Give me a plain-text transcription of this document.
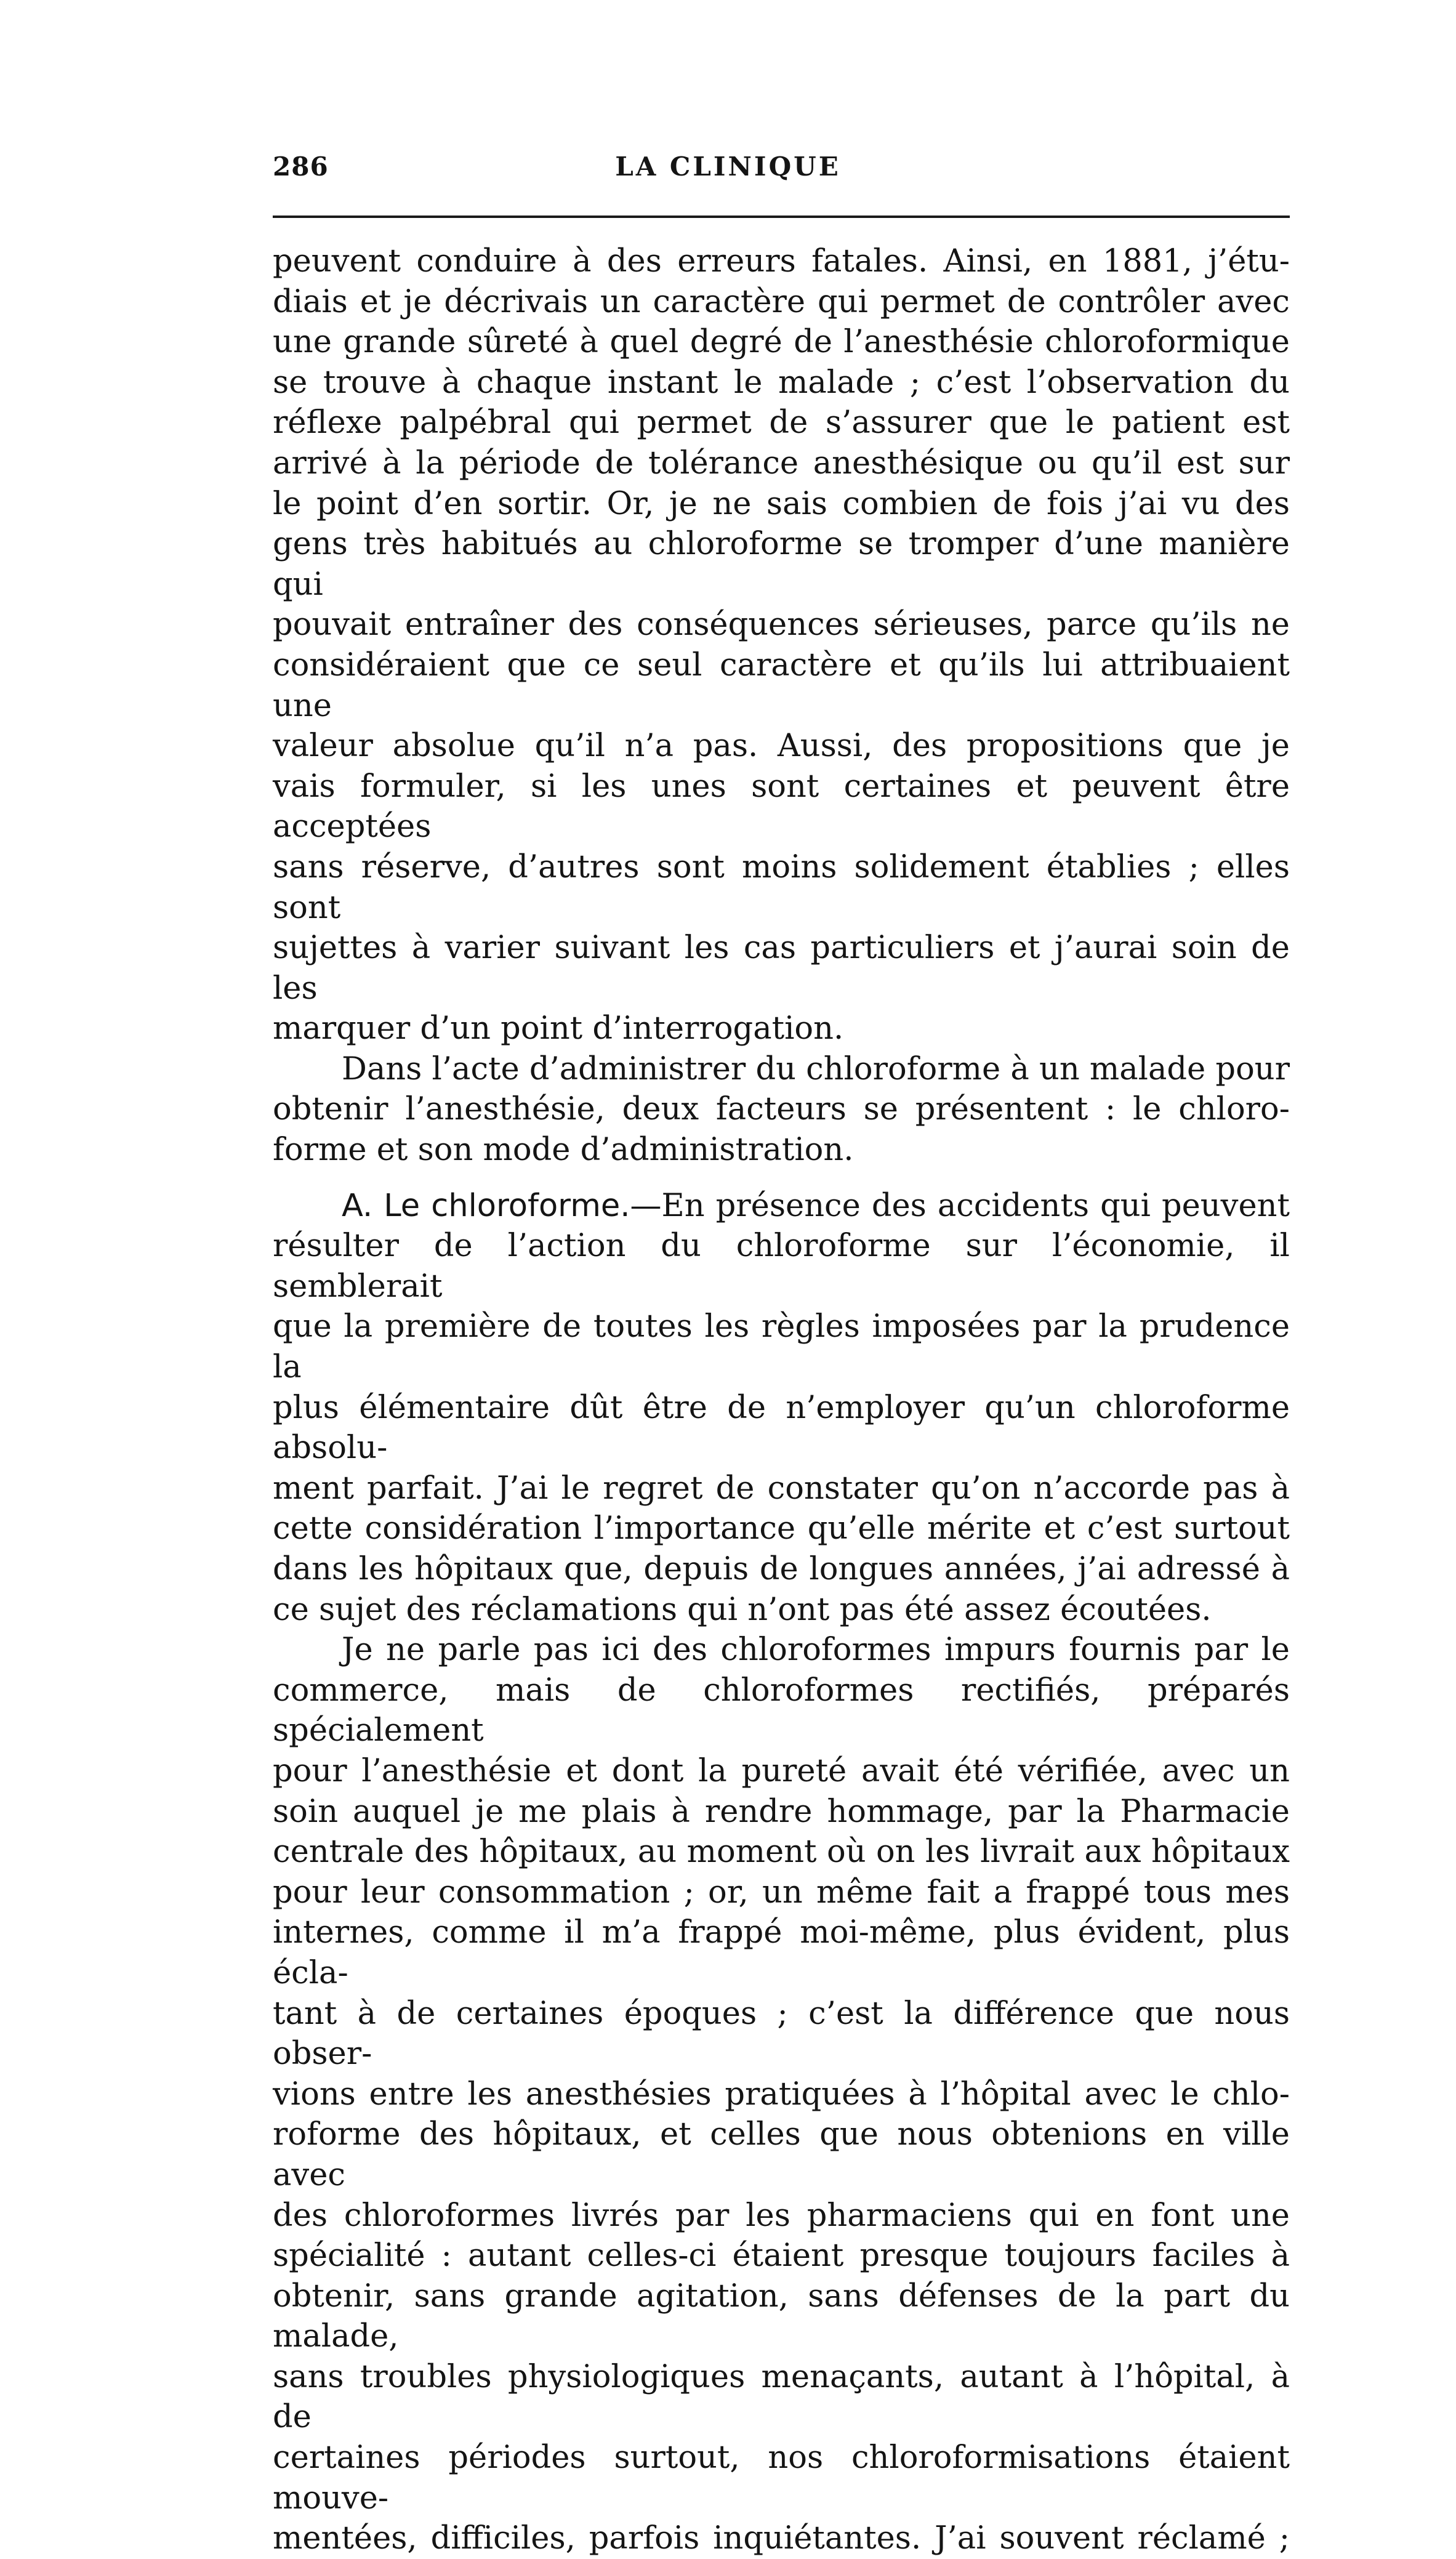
286	LA CLINIQUE

peuvent conduire à des erreurs fatales. Ainsi, en 1881, j’étu-
diais et je décrivais un caractère qui permet de contrôler avec
une grande sûreté à quel degré de l’anesthésie chloroformique
se trouve à chaque instant le malade ; c’est l’observation du
réflexe palpébral qui permet de s’assurer que le patient est
arrivé à la période de tolérance anesthésique ou qu’il est sur
le point d’en sortir. Or, je ne sais combien de fois j’ai vu des
gens très habitués au chloroforme se tromper d’une manière qui
pouvait entraîner des conséquences sérieuses, parce qu’ils ne
considéraient que ce seul caractère et qu’ils lui attribuaient une
valeur absolue qu’il n’a pas. Aussi, des propositions que je
vais formuler, si les unes sont certaines et peuvent être acceptées
sans réserve, d’autres sont moins solidement établies ; elles sont
sujettes à varier suivant les cas particuliers et j’aurai soin de les
marquer d’un point d’interrogation.

Dans l’acte d’administrer du chloroforme à un malade pour
obtenir l’anesthésie, deux facteurs se présentent : le chloro-
forme et son mode d’administration.

A. Le chloroforme.—En présence des accidents qui peuvent
résulter de l’action du chloroforme sur l’économie, il semblerait
que la première de toutes les règles imposées par la prudence la
plus élémentaire dût être de n’employer qu’un chloroforme absolu-
ment parfait. J’ai le regret de constater qu’on n’accorde pas à
cette considération l’importance qu’elle mérite et c’est surtout
dans les hôpitaux que, depuis de longues années, j’ai adressé à
ce sujet des réclamations qui n’ont pas été assez écoutées.

Je ne parle pas ici des chloroformes impurs fournis par le
commerce, mais de chloroformes rectifiés, préparés spécialement
pour l’anesthésie et dont la pureté avait été vérifiée, avec un
soin auquel je me plais à rendre hommage, par la Pharmacie
centrale des hôpitaux, au moment où on les livrait aux hôpitaux
pour leur consommation ; or, un même fait a frappé tous mes
internes, comme il m’a frappé moi-même, plus évident, plus écla-
tant à de certaines époques ; c’est la différence que nous obser-
vions entre les anesthésies pratiquées à l’hôpital avec le chlo-
roforme des hôpitaux, et celles que nous obtenions en ville avec
des chloroformes livrés par les pharmaciens qui en font une
spécialité : autant celles-ci étaient presque toujours faciles à
obtenir, sans grande agitation, sans défenses de la part du malade,
sans troubles physiologiques menaçants, autant à l’hôpital, à de
certaines périodes surtout, nos chloroformisations étaient mouve-
mentées, difficiles, parfois inquiétantes. J’ai souvent réclamé ;
